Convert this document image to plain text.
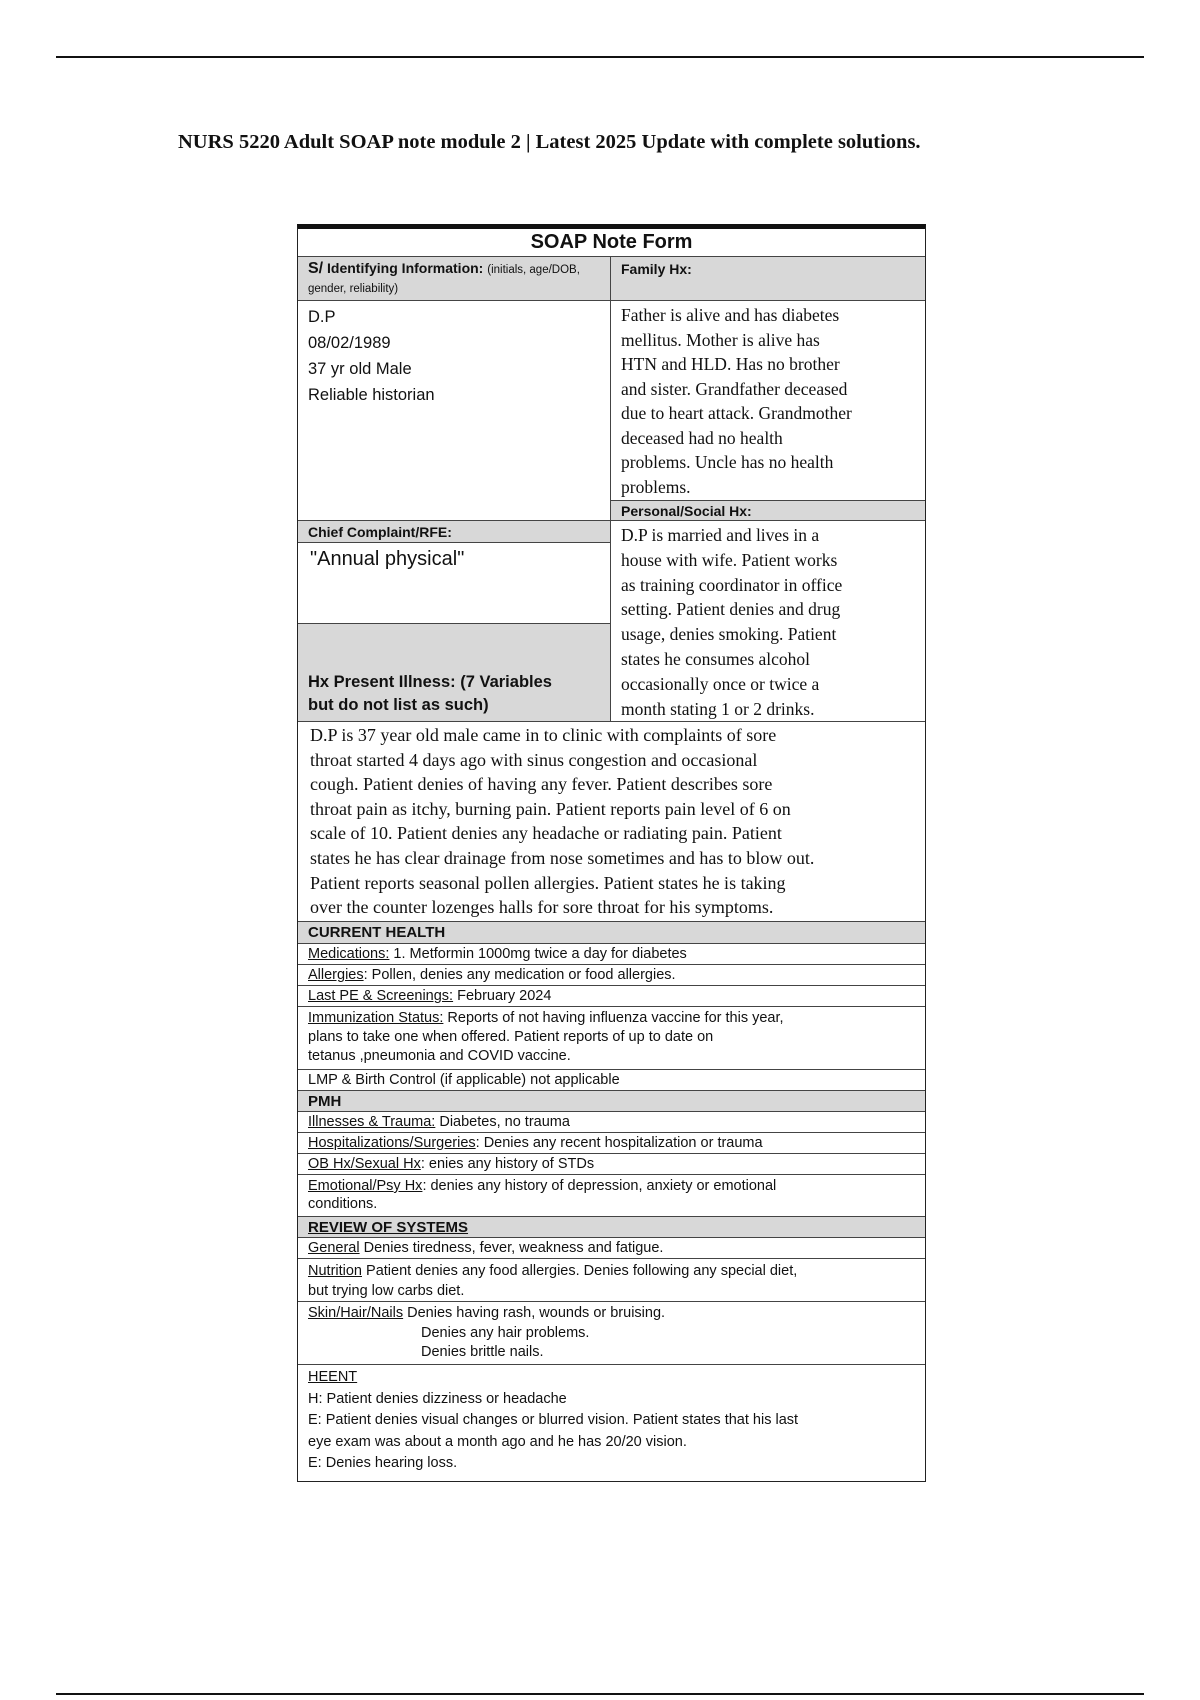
NURS 5220 Adult SOAP note module 2 | Latest 2025 Update with complete solutions.
SOAP Note Form
S/ Identifying Information: (initials, age/DOB, gender, reliability)
Family Hx:
D.P
08/02/1989
37 yr old Male
Reliable historian
Father is alive and has diabetes
mellitus. Mother is alive has
HTN and HLD. Has no brother
and sister. Grandfather deceased
due to heart attack. Grandmother
deceased had no health
problems. Uncle has no health
problems.
Personal/Social Hx:
Chief Complaint/RFE:
"Annual physical"
Hx Present Illness: (7 Variables
but do not list as such)
D.P is married and lives in a
house with wife. Patient works
as training coordinator in office
setting. Patient denies and drug
usage, denies smoking. Patient
states he consumes alcohol
occasionally once or twice a
month stating 1 or 2 drinks.
D.P is 37 year old male came in to clinic with complaints of sore
throat started 4 days ago with sinus congestion and occasional
cough. Patient denies of having any fever. Patient describes sore
throat pain as itchy, burning pain. Patient reports pain level of 6 on
scale of 10. Patient denies any headache or radiating pain. Patient
states he has clear drainage from nose sometimes and has to blow out.
Patient reports seasonal pollen allergies. Patient states he is taking
over the counter lozenges halls for sore throat for his symptoms.
CURRENT HEALTH
Medications: 1. Metformin 1000mg twice a day for diabetes
Allergies: Pollen, denies any medication or food allergies.
Last PE & Screenings: February 2024
Immunization Status: Reports of not having influenza vaccine for this year,
plans to take one when offered. Patient reports of up to date on
tetanus ,pneumonia and COVID vaccine.
LMP & Birth Control (if applicable) not applicable
PMH
Illnesses & Trauma: Diabetes, no trauma
Hospitalizations/Surgeries: Denies any recent hospitalization or trauma
OB Hx/Sexual Hx: enies any history of STDs
Emotional/Psy Hx: denies any history of depression, anxiety or emotional
conditions.
REVIEW OF SYSTEMS
General Denies tiredness, fever, weakness and fatigue.
Nutrition Patient denies any food allergies. Denies following any special diet,
but trying low carbs diet.
Skin/Hair/Nails Denies having rash, wounds or bruising.
Denies any hair problems.
Denies brittle nails.
HEENT
H: Patient denies dizziness or headache
E: Patient denies visual changes or blurred vision. Patient states that his last
eye exam was about a month ago and he has 20/20 vision.
E: Denies hearing loss.
